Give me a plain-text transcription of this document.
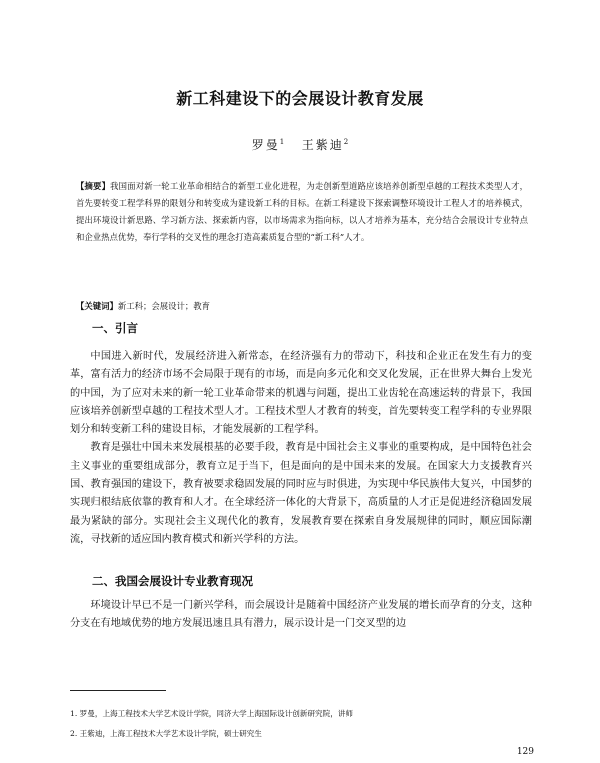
新工科建设下的会展设计教育发展
罗曼$^1$ 王紫迪$^2$

【摘要】我国面对新一轮工业革命相结合的新型工业化进程，为走创新型道路应该培养创新型卓越的工程技术类型人才，首先要转变工程学科界的限划分和转变成为建设新工科的目标。在新工科建设下探索调整环境设计工程人才的培养模式，提出环境设计新思路、学习新方法、探索新内容，以市场需求为指向标，以人才培养为基本，充分结合会展设计专业特点和企业热点优势，奉行学科的交叉性的理念打造高素质复合型的“新工科”人才。

【关键词】新工科；会展设计；教育
一、引言

中国进入新时代，发展经济进入新常态，在经济强有力的带动下，科技和企业正在发生有力的变革，富有活力的经济市场不会局限于现有的市场，而是向多元化和交叉化发展，正在世界大舞台上发光的中国，为了应对未来的新一轮工业革命带来的机遇与问题，提出工业齿轮在高速运转的背景下，我国应该培养创新型卓越的工程技术型人才。工程技术型人才教育的转变，首先要转变工程学科的专业界限划分和转变新工科的建设目标，才能发展新的工程学科。

教育是强壮中国未来发展根基的必要手段，教育是中国社会主义事业的重要构成，是中国特色社会主义事业的重要组成部分，教育立足于当下，但是面向的是中国未来的发展。在国家大力支援教育兴国、教育强国的建设下，教育被要求稳固发展的同时应与时俱进，为实现中华民族伟大复兴，中国梦的实现归根结底依靠的教育和人才。在全球经济一体化的大背景下，高质量的人才正是促进经济稳固发展最为紧缺的部分。实现社会主义现代化的教育，发展教育要在探索自身发展规律的同时，顺应国际潮流，寻找新的适应国内教育模式和新兴学科的方法。

二、我国会展设计专业教育现况

环境设计早已不是一门新兴学科，而会展设计是随着中国经济产业发展的增长而孕育的分支，这种分支在有地域优势的地方发展迅速且具有潜力，展示设计是一门交叉型的边

1. 罗曼，上海工程技术大学艺术设计学院，同济大学上海国际设计创新研究院，讲师
2. 王紫迪，上海工程技术大学艺术设计学院，硕士研究生
129
